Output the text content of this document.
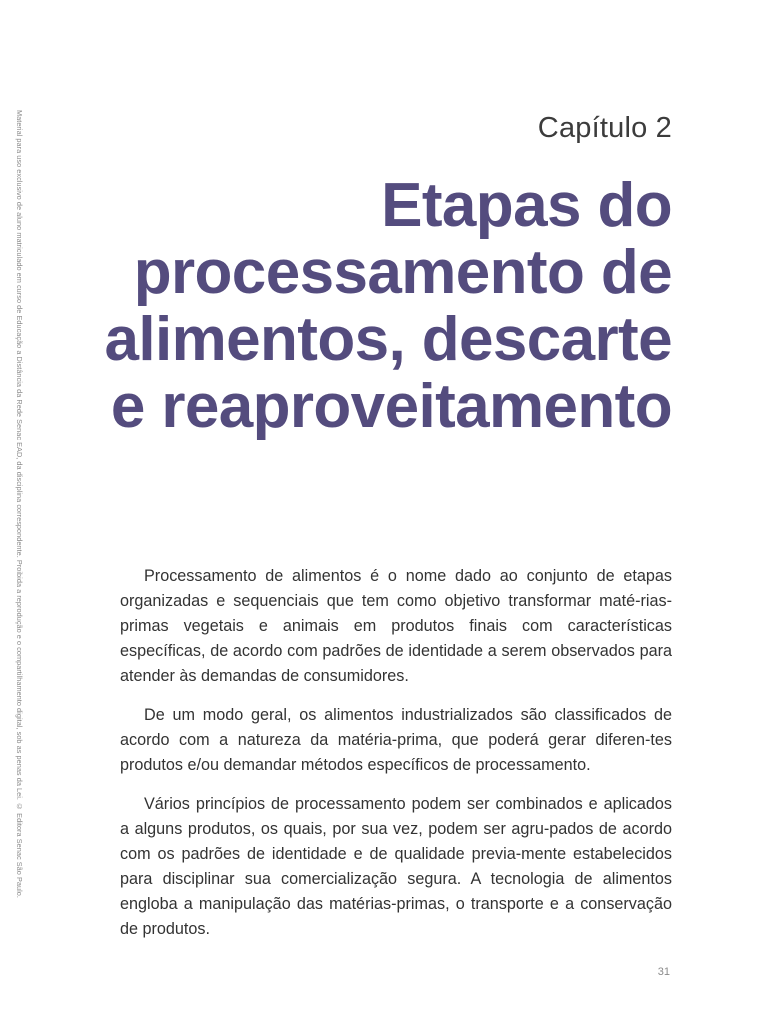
Material para uso exclusivo de aluno matriculado em curso de Educação a Distância da Rede Senac EAD, da disciplina correspondente. Proibida a reprodução e o compartilhamento digital, sob as penas da Lei. © Editora Senac São Paulo.	Capítulo 2
Etapas do
processamento de
alimentos, descarte
e reaproveitamento

Processamento de alimentos é o nome dado ao conjunto de etapas organizadas e sequenciais que tem como objetivo transformar maté-rias-primas vegetais e animais em produtos finais com características específicas, de acordo com padrões de identidade a serem observados para atender às demandas de consumidores.

De um modo geral, os alimentos industrializados são classificados de acordo com a natureza da matéria-prima, que poderá gerar diferen-tes produtos e/ou demandar métodos específicos de processamento.

Vários princípios de processamento podem ser combinados e aplicados a alguns produtos, os quais, por sua vez, podem ser agru-pados de acordo com os padrões de identidade e de qualidade previa-mente estabelecidos para disciplinar sua comercialização segura. A tecnologia de alimentos engloba a manipulação das matérias-primas, o transporte e a conservação de produtos.

31
